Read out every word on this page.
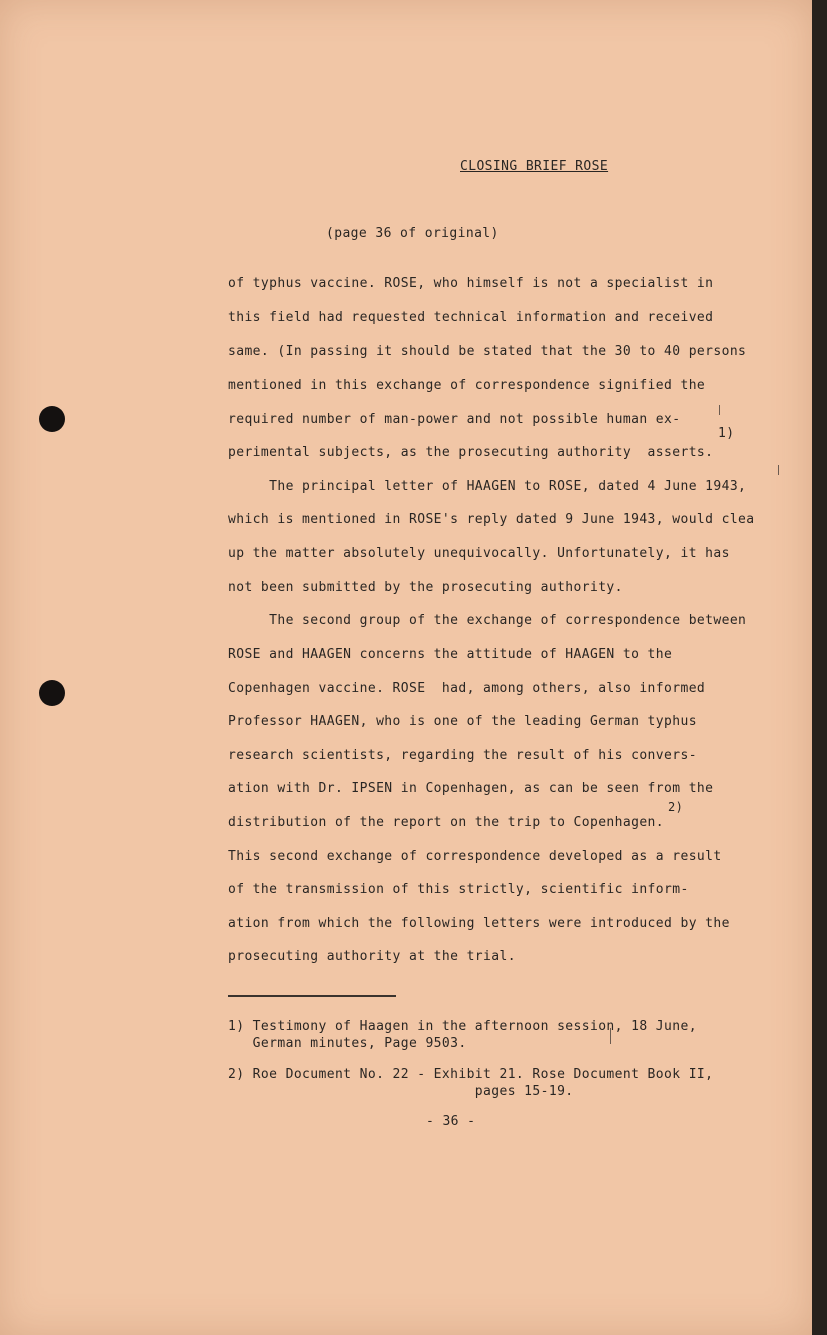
CLOSING BRIEF ROSE

(page 36 of original)

of typhus vaccine. ROSE, who himself is not a specialist in

this field had requested technical information and received

same. (In passing it should be stated that the 30 to 40 persons

mentioned in this exchange of correspondence signified the

required number of man-power and not possible human ex-

perimental subjects, as the prosecuting authority  asserts.

The principal letter of HAAGEN to ROSE, dated 4 June 1943,

which is mentioned in ROSE's reply dated 9 June 1943, would clea

up the matter absolutely unequivocally. Unfortunately, it has

not been submitted by the prosecuting authority.

The second group of the exchange of correspondence between

ROSE and HAAGEN concerns the attitude of HAAGEN to the

Copenhagen vaccine. ROSE  had, among others, also informed

Professor HAAGEN, who is one of the leading German typhus

research scientists, regarding the result of his convers-

ation with Dr. IPSEN in Copenhagen, as can be seen from the

distribution of the report on the trip to Copenhagen.

This second exchange of correspondence developed as a result

of the transmission of this strictly, scientific inform-

ation from which the following letters were introduced by the

prosecuting authority at the trial.

1)

2)

1) Testimony of Haagen in the afternoon session, 18 June,
German minutes, Page 9503.

2) Roe Document No. 22 - Exhibit 21. Rose Document Book II,
pages 15-19.

- 36 -
